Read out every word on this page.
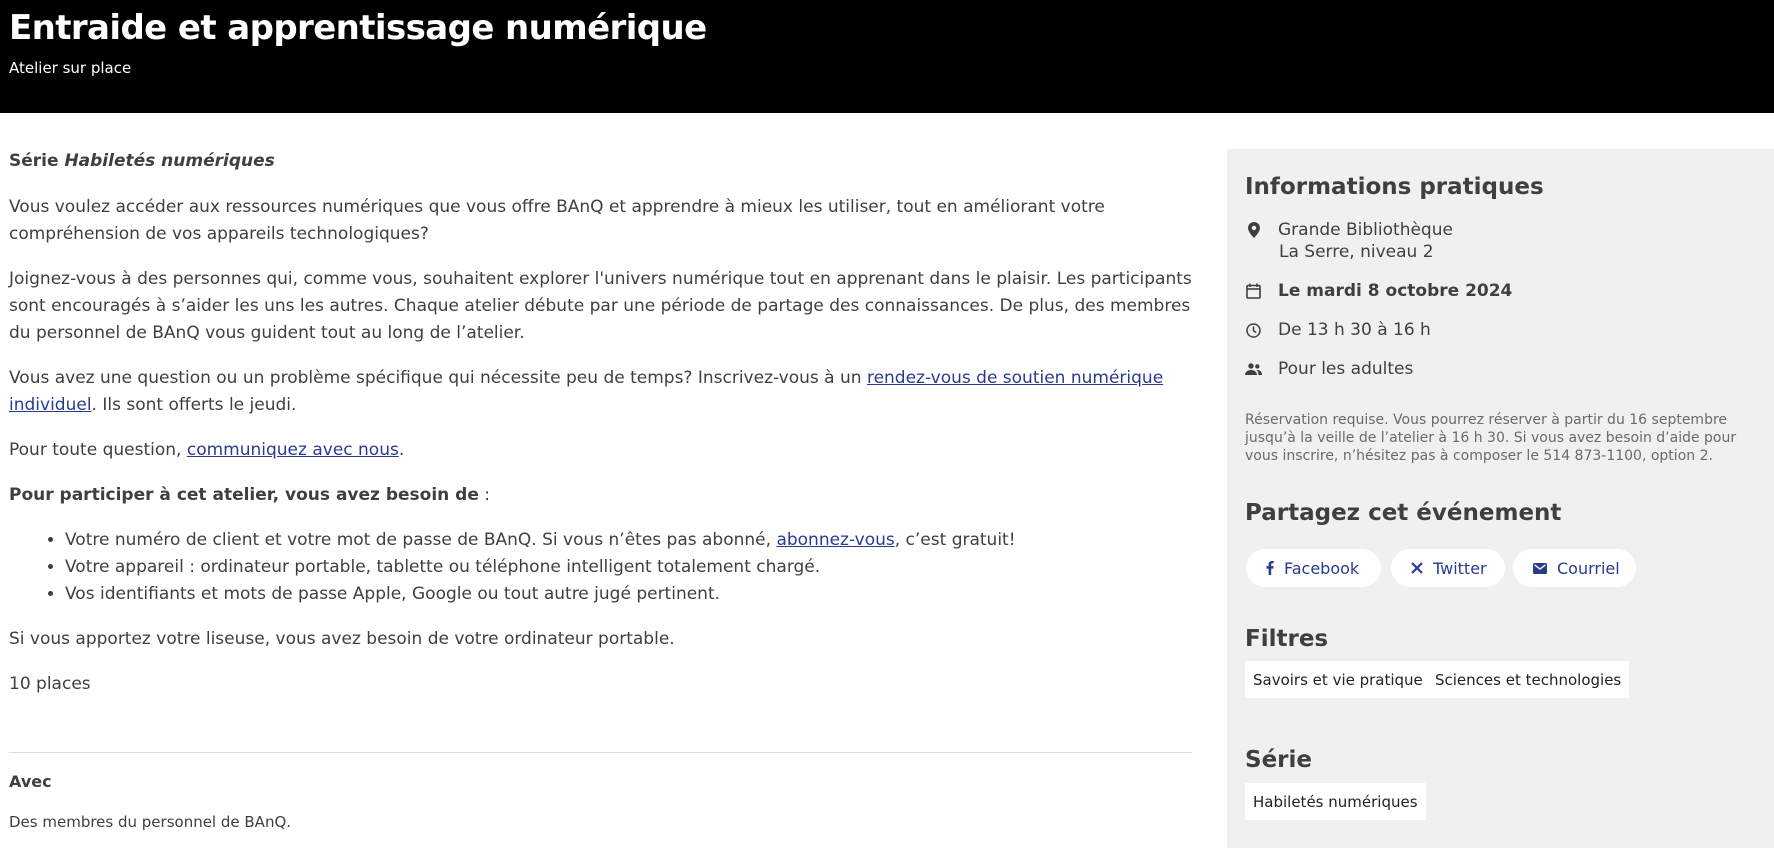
Entraide et apprentissage numérique
Atelier sur place

Série Habiletés numériques

Vous voulez accéder aux ressources numériques que vous offre BAnQ et apprendre à mieux les utiliser, tout en améliorant votre compréhension de vos appareils technologiques?

Joignez-vous à des personnes qui, comme vous, souhaitent explorer l'univers numérique tout en apprenant dans le plaisir. Les participants sont encouragés à s’aider les uns les autres. Chaque atelier débute par une période de partage des connaissances. De plus, des membres du personnel de BAnQ vous guident tout au long de l’atelier.

Vous avez une question ou un problème spécifique qui nécessite peu de temps? Inscrivez-vous à un rendez-vous de soutien numérique individuel. Ils sont offerts le jeudi.

Pour toute question, communiquez avec nous.

Pour participer à cet atelier, vous avez besoin de :

• Votre numéro de client et votre mot de passe de BAnQ. Si vous n’êtes pas abonné, abonnez-vous, c’est gratuit!
• Votre appareil : ordinateur portable, tablette ou téléphone intelligent totalement chargé.
• Vos identifiants et mots de passe Apple, Google ou tout autre jugé pertinent.

Si vous apportez votre liseuse, vous avez besoin de votre ordinateur portable.

10 places

Avec
Des membres du personnel de BAnQ.
Informations pratiques
Grande Bibliothèque
La Serre, niveau 2
Le mardi 8 octobre 2024
De 13 h 30 à 16 h
Pour les adultes
Réservation requise. Vous pourrez réserver à partir du 16 septembre jusqu’à la veille de l’atelier à 16 h 30. Si vous avez besoin d’aide pour vous inscrire, n’hésitez pas à composer le 514 873-1100, option 2.
Partagez cet événement
Facebook	Twitter	Courriel
Filtres
Savoirs et vie pratique Sciences et technologies
Série
Habiletés numériques
